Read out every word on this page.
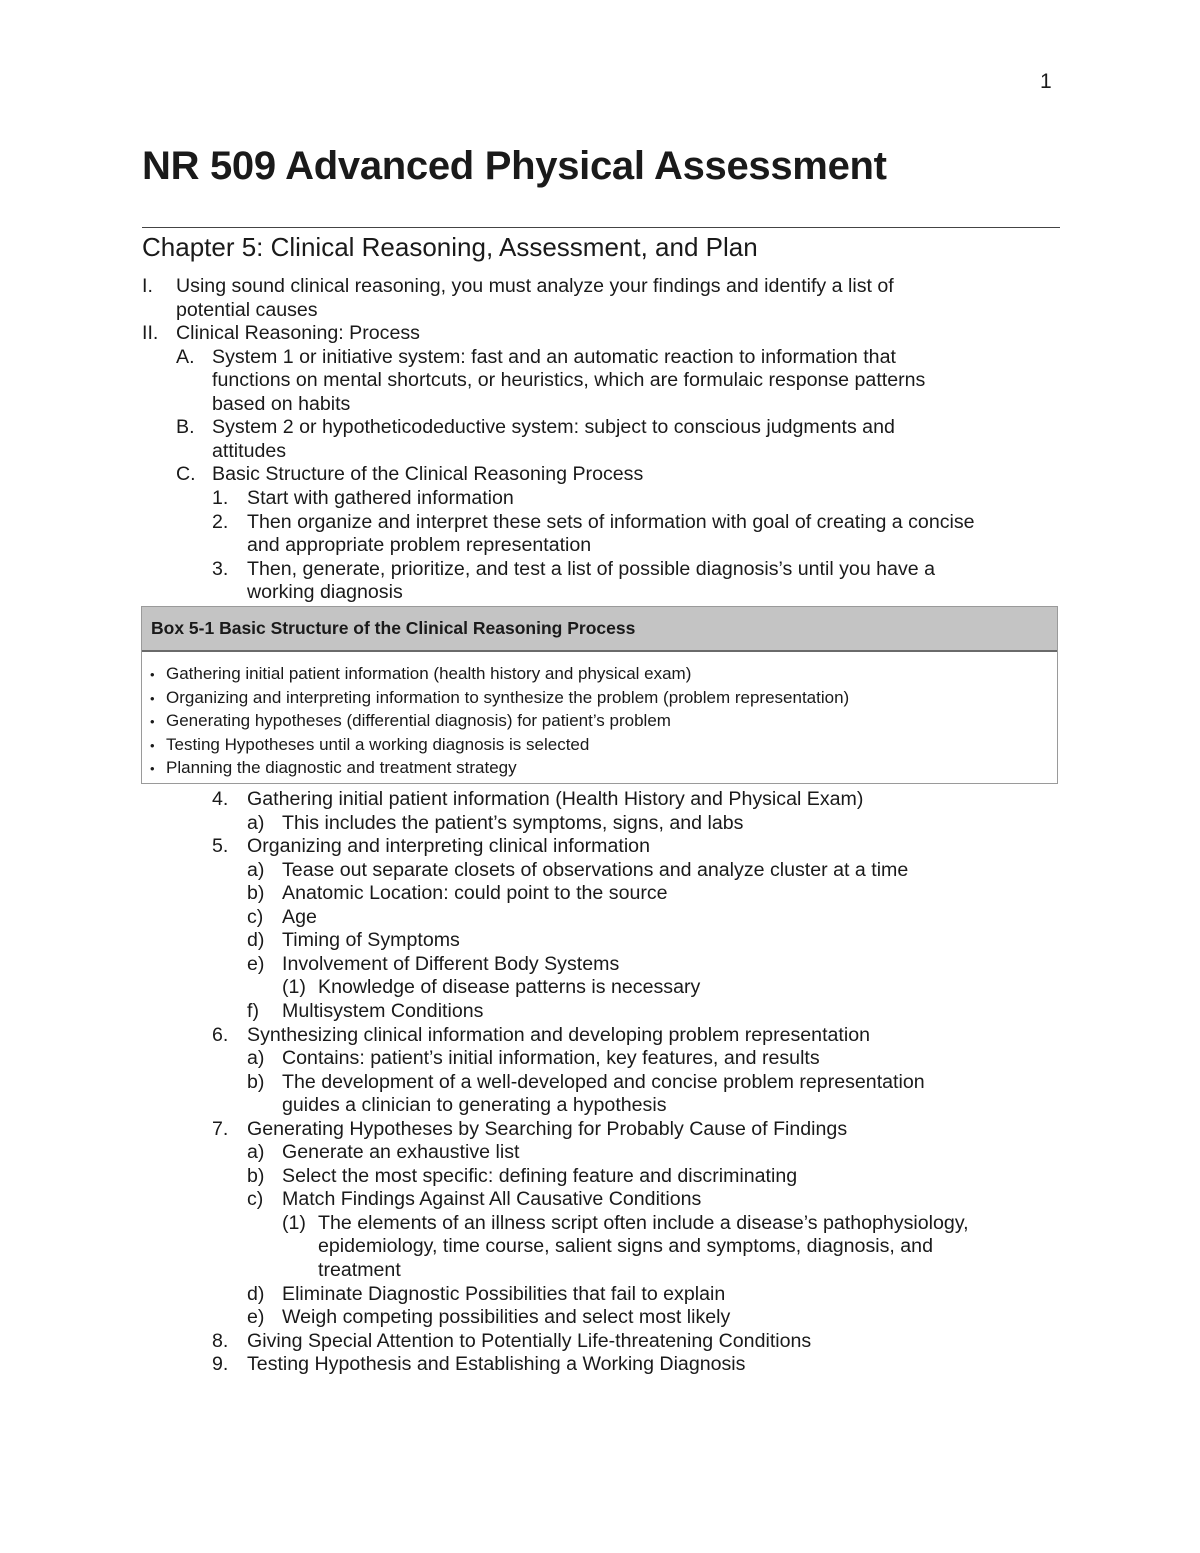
1
NR 509 Advanced Physical Assessment
Chapter 5: Clinical Reasoning, Assessment, and Plan
I. Using sound clinical reasoning, you must analyze your findings and identify a list of
potential causes
II. Clinical Reasoning: Process
A. System 1 or initiative system: fast and an automatic reaction to information that
functions on mental shortcuts, or heuristics, which are formulaic response patterns
based on habits
B. System 2 or hypotheticodeductive system: subject to conscious judgments and
attitudes
C. Basic Structure of the Clinical Reasoning Process
1. Start with gathered information
2. Then organize and interpret these sets of information with goal of creating a concise
and appropriate problem representation
3. Then, generate, prioritize, and test a list of possible diagnosis’s until you have a
working diagnosis
Box 5-1 Basic Structure of the Clinical Reasoning Process
• Gathering initial patient information (health history and physical exam)
• Organizing and interpreting information to synthesize the problem (problem representation)
• Generating hypotheses (differential diagnosis) for patient’s problem
• Testing Hypotheses until a working diagnosis is selected
• Planning the diagnostic and treatment strategy
4. Gathering initial patient information (Health History and Physical Exam)
a) This includes the patient’s symptoms, signs, and labs
5. Organizing and interpreting clinical information
a) Tease out separate closets of observations and analyze cluster at a time
b) Anatomic Location: could point to the source
c) Age
d) Timing of Symptoms
e) Involvement of Different Body Systems
(1) Knowledge of disease patterns is necessary
f) Multisystem Conditions
6. Synthesizing clinical information and developing problem representation
a) Contains: patient’s initial information, key features, and results
b) The development of a well-developed and concise problem representation
guides a clinician to generating a hypothesis
7. Generating Hypotheses by Searching for Probably Cause of Findings
a) Generate an exhaustive list
b) Select the most specific: defining feature and discriminating
c) Match Findings Against All Causative Conditions
(1) The elements of an illness script often include a disease’s pathophysiology,
epidemiology, time course, salient signs and symptoms, diagnosis, and
treatment
d) Eliminate Diagnostic Possibilities that fail to explain
e) Weigh competing possibilities and select most likely
8. Giving Special Attention to Potentially Life-threatening Conditions
9. Testing Hypothesis and Establishing a Working Diagnosis
